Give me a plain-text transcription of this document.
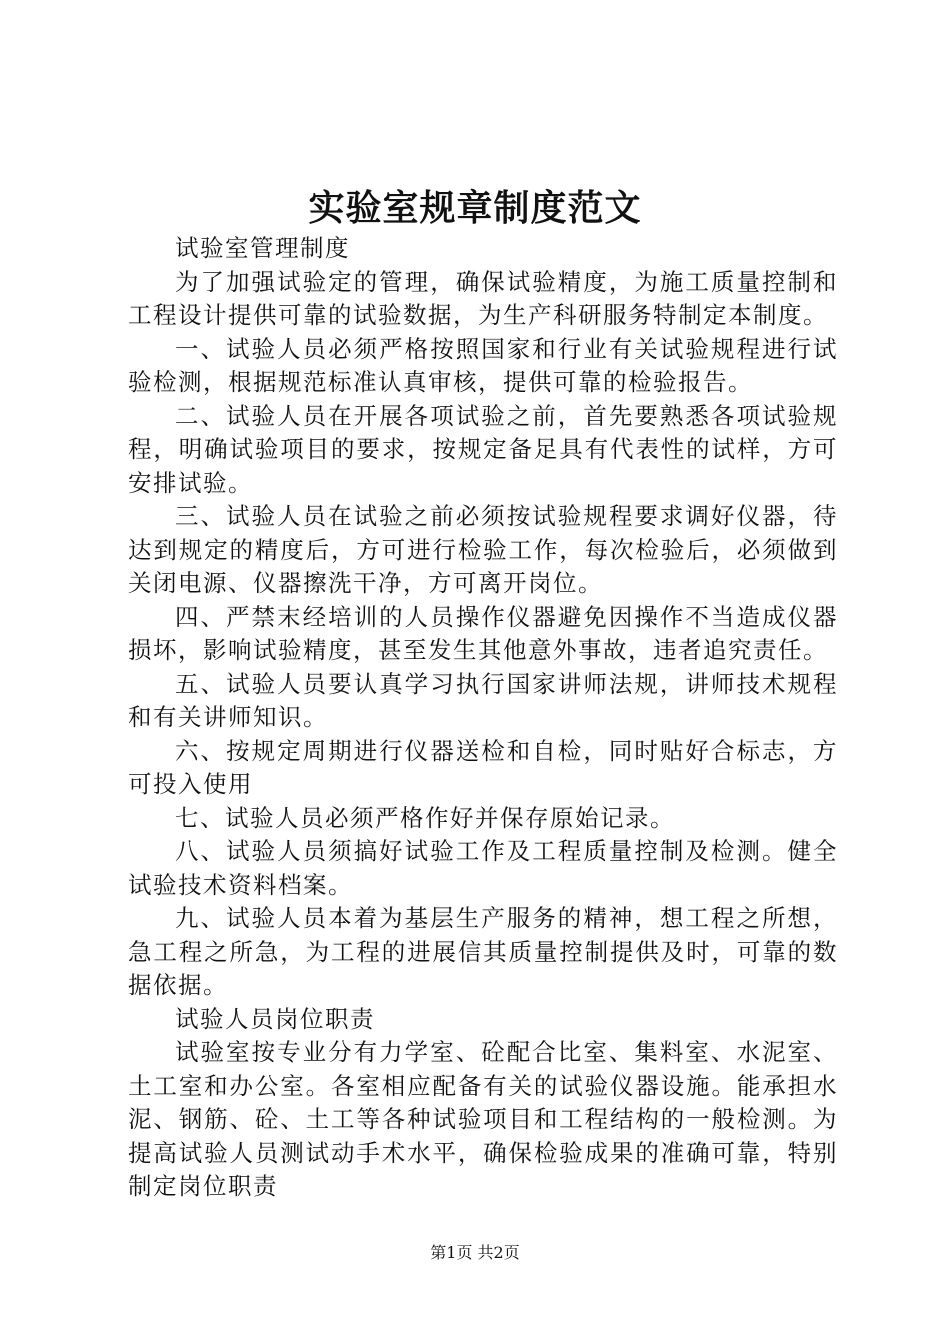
实验室规章制度范文

试验室管理制度

为了加强试验定的管理，确保试验精度，为施工质量控制和工程设计提供可靠的试验数据，为生产科研服务特制定本制度。

一、试验人员必须严格按照国家和行业有关试验规程进行试验检测，根据规范标准认真审核，提供可靠的检验报告。

二、试验人员在开展各项试验之前，首先要熟悉各项试验规程，明确试验项目的要求，按规定备足具有代表性的试样，方可安排试验。

三、试验人员在试验之前必须按试验规程要求调好仪器，待达到规定的精度后，方可进行检验工作，每次检验后，必须做到关闭电源、仪器擦洗干净，方可离开岗位。

四、严禁末经培训的人员操作仪器避免因操作不当造成仪器损坏，影响试验精度，甚至发生其他意外事故，违者追究责任。

五、试验人员要认真学习执行国家讲师法规，讲师技术规程和有关讲师知识。

六、按规定周期进行仪器送检和自检，同时贴好合标志，方可投入使用

七、试验人员必须严格作好并保存原始记录。

八、试验人员须搞好试验工作及工程质量控制及检测。健全试验技术资料档案。

九、试验人员本着为基层生产服务的精神，想工程之所想，急工程之所急，为工程的进展信其质量控制提供及时，可靠的数据依据。

试验人员岗位职责

试验室按专业分有力学室、砼配合比室、集料室、水泥室、土工室和办公室。各室相应配备有关的试验仪器设施。能承担水泥、钢筋、砼、土工等各种试验项目和工程结构的一般检测。为提高试验人员测试动手术水平，确保检验成果的准确可靠，特别制定岗位职责

第1页 共2页
